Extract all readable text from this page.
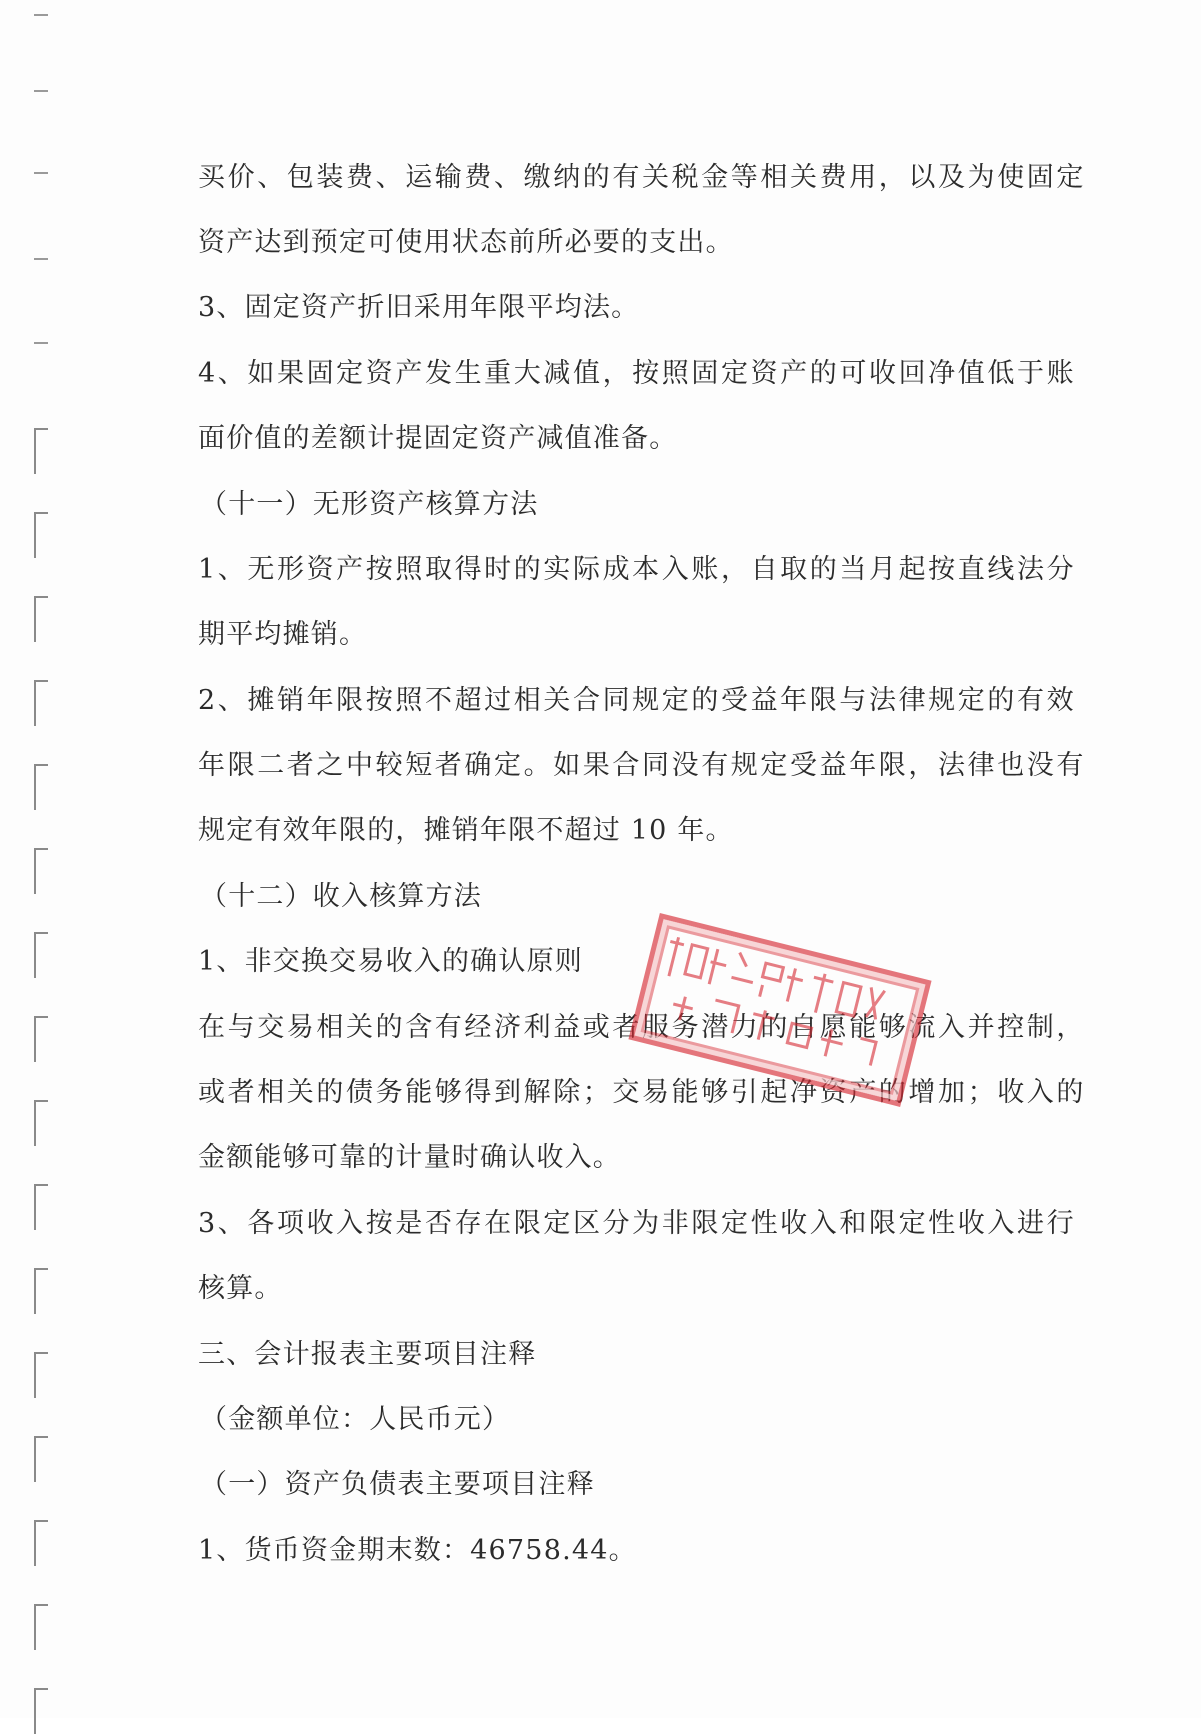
买价、包装费、运输费、缴纳的有关税金等相关费用，以及为使固定
资产达到预定可使用状态前所必要的支出。
3、固定资产折旧采用年限平均法。
4、如果固定资产发生重大减值，按照固定资产的可收回净值低于账
面价值的差额计提固定资产减值准备。
（十一）无形资产核算方法
1、无形资产按照取得时的实际成本入账，自取的当月起按直线法分
期平均摊销。
2、摊销年限按照不超过相关合同规定的受益年限与法律规定的有效
年限二者之中较短者确定。如果合同没有规定受益年限，法律也没有
规定有效年限的，摊销年限不超过 10 年。
（十二）收入核算方法
1、非交换交易收入的确认原则
在与交易相关的含有经济利益或者服务潜力的自愿能够流入并控制，
或者相关的债务能够得到解除；交易能够引起净资产的增加；收入的
金额能够可靠的计量时确认收入。
3、各项收入按是否存在限定区分为非限定性收入和限定性收入进行
核算。
三、会计报表主要项目注释
（金额单位：人民币元）
（一）资产负债表主要项目注释
1、货币资金期末数：46758.44。
